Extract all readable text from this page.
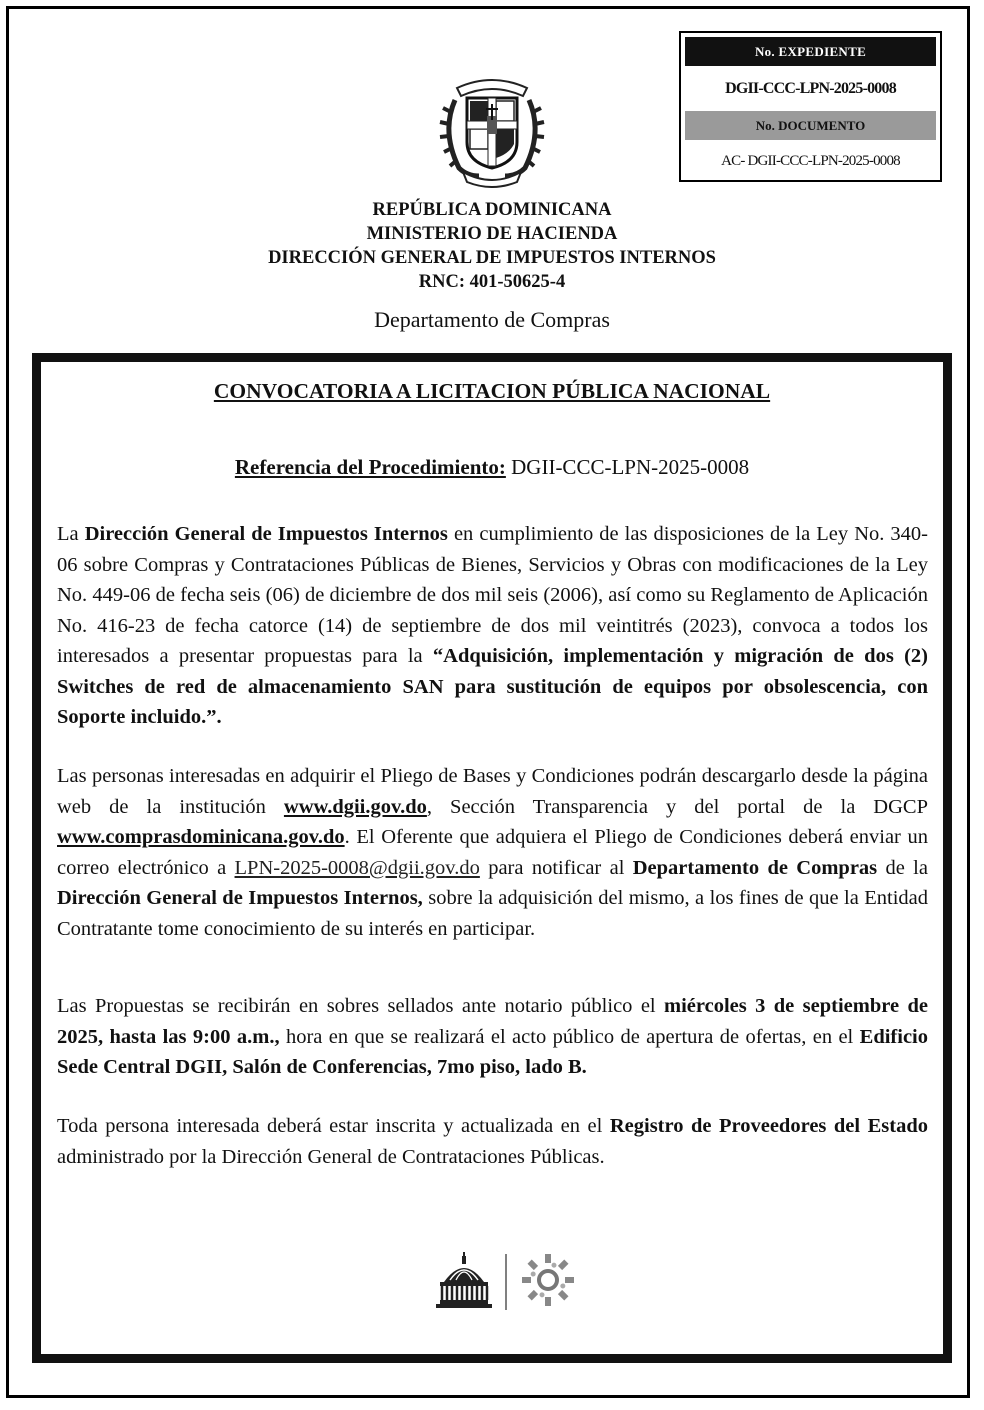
No. EXPEDIENTE
DGII-CCC-LPN-2025-0008
No. DOCUMENTO
AC- DGII-CCC-LPN-2025-0008
REPÚBLICA DOMINICANA
MINISTERIO DE HACIENDA
DIRECCIÓN GENERAL DE IMPUESTOS INTERNOS
RNC: 401-50625-4
Departamento de Compras
CONVOCATORIA A LICITACION PÚBLICA NACIONAL
Referencia del Procedimiento: DGII-CCC-LPN-2025-0008
La Dirección General de Impuestos Internos en cumplimiento de las disposiciones de la Ley No. 340-06 sobre Compras y Contrataciones Públicas de Bienes, Servicios y Obras con modificaciones de la Ley No. 449-06 de fecha seis (06) de diciembre de dos mil seis (2006), así como su Reglamento de Aplicación No. 416-23 de fecha catorce (14) de septiembre de dos mil veintitrés (2023), convoca a todos los interesados a presentar propuestas para la “Adquisición, implementación y migración de dos (2) Switches de red de almacenamiento SAN para sustitución de equipos por obsolescencia, con Soporte incluido.”.
Las personas interesadas en adquirir el Pliego de Bases y Condiciones podrán descargarlo desde la página web de la institución www.dgii.gov.do, Sección Transparencia y del portal de la DGCP www.comprasdominicana.gov.do. El Oferente que adquiera el Pliego de Condiciones deberá enviar un correo electrónico a LPN-2025-0008@dgii.gov.do para notificar al Departamento de Compras de la Dirección General de Impuestos Internos, sobre la adquisición del mismo, a los fines de que la Entidad Contratante tome conocimiento de su interés en participar.
Las Propuestas se recibirán en sobres sellados ante notario público el miércoles 3 de septiembre de 2025, hasta las 9:00 a.m., hora en que se realizará el acto público de apertura de ofertas, en el Edificio Sede Central DGII, Salón de Conferencias, 7mo piso, lado B.
Toda persona interesada deberá estar inscrita y actualizada en el Registro de Proveedores del Estado administrado por la Dirección General de Contrataciones Públicas.
